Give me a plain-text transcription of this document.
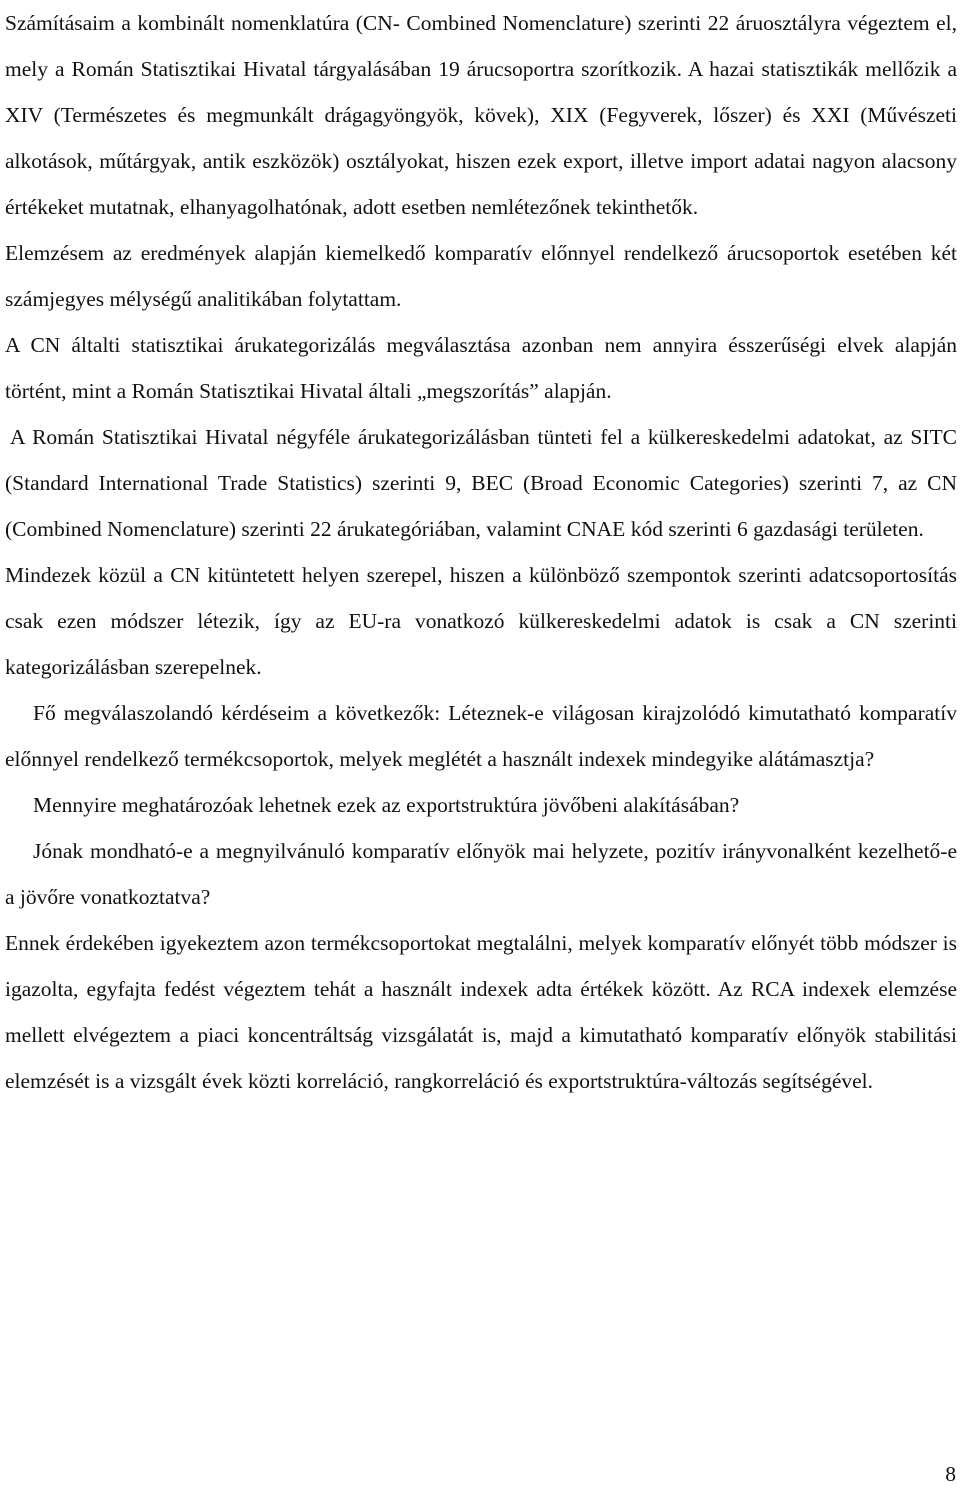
Számításaim a kombinált nomenklatúra (CN- Combined Nomenclature) szerinti 22 áruosztályra végeztem el, mely a Román Statisztikai Hivatal tárgyalásában 19 árucsoportra szorítkozik. A hazai statisztikák mellőzik a XIV (Természetes és megmunkált drágagyöngyök, kövek), XIX (Fegyverek, lőszer) és XXI (Művészeti alkotások, műtárgyak, antik eszközök) osztályokat, hiszen ezek export, illetve import adatai nagyon alacsony értékeket mutatnak, elhanyagolhatónak, adott esetben nemlétezőnek tekinthetők.

Elemzésem az eredmények alapján kiemelkedő komparatív előnnyel rendelkező árucsoportok esetében két számjegyes mélységű analitikában folytattam.

A CN általti statisztikai árukategorizálás megválasztása azonban nem annyira ésszerűségi elvek alapján történt, mint a Román Statisztikai Hivatal általi „megszorítás” alapján.

A Román Statisztikai Hivatal négyféle árukategorizálásban tünteti fel a külkereskedelmi adatokat, az SITC (Standard International Trade Statistics) szerinti 9, BEC (Broad Economic Categories) szerinti 7, az CN (Combined Nomenclature) szerinti 22 árukategóriában, valamint CNAE kód szerinti 6 gazdasági területen.

Mindezek közül a CN kitüntetett helyen szerepel, hiszen a különböző szempontok szerinti adatcsoportosítás csak ezen módszer létezik, így az EU-ra vonatkozó külkereskedelmi adatok is csak a CN szerinti kategorizálásban szerepelnek.

Fő megválaszolandó kérdéseim a következők: Léteznek-e világosan kirajzolódó kimutatható komparatív előnnyel rendelkező termékcsoportok, melyek meglétét a használt indexek mindegyike alátámasztja?

Mennyire meghatározóak lehetnek ezek az exportstruktúra jövőbeni alakításában?

Jónak mondható-e a megnyilvánuló komparatív előnyök mai helyzete, pozitív irányvonalként kezelhető-e a jövőre vonatkoztatva?

Ennek érdekében igyekeztem azon termékcsoportokat megtalálni, melyek komparatív előnyét több módszer is igazolta, egyfajta fedést végeztem tehát a használt indexek adta értékek között. Az RCA indexek elemzése mellett elvégeztem a piaci koncentráltság vizsgálatát is, majd a kimutatható komparatív előnyök stabilitási elemzését is a vizsgált évek közti korreláció, rangkorreláció és exportstruktúra-változás segítségével.

8
